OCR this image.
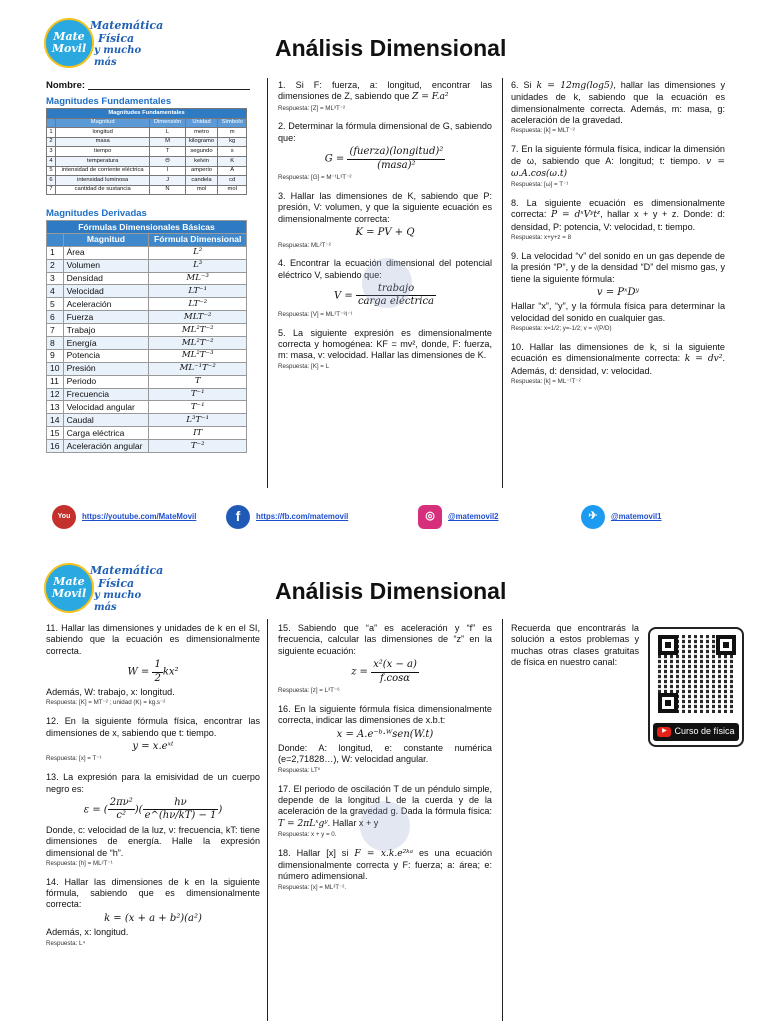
Mate
Movil
Matemática
Física
y mucho más
Análisis Dimensional
Nombre:
Magnitudes Fundamentales
Magnitudes Fundamentales				
	Magnitud	Dimensión	Unidad	Símbolo
1	longitud	L	metro	m
2	masa	M	kilogramo	kg
3	tiempo	T	segundo	s
4	temperatura	Θ	kelvin	K
5	intensidad de corriente eléctrica	I	amperio	A
6	intensidad luminosa	J	candela	cd
7	cantidad de sustancia	N	mol	mol
Magnitudes Derivadas
Fórmulas Dimensionales Básicas		
	Magnitud	Fórmula Dimensional
1	Área	L²
2	Volumen	L³
3	Densidad	ML⁻³
4	Velocidad	LT⁻¹
5	Aceleración	LT⁻²
6	Fuerza	MLT⁻²
7	Trabajo	ML²T⁻²
8	Energía	ML²T⁻²
9	Potencia	ML²T⁻³
10	Presión	ML⁻¹T⁻²
11	Periodo	T
12	Frecuencia	T⁻¹
13	Velocidad angular	T⁻¹
14	Caudal	L³T⁻¹
15	Carga eléctrica	IT
16	Aceleración angular	T⁻²
1. Si F: fuerza, a: longitud, encontrar las dimensiones de Z, sabiendo que Z = F.a²
Respuesta: [Z] = ML³T⁻²
2. Determinar la fórmula dimensional de G, sabiendo que:
$G = \frac{\text{(fuerza)(longitud)²}}{\text{(masa)²}}$
Respuesta: [G] = M⁻¹L³T⁻²
3. Hallar las dimensiones de K, sabiendo que P: presión, V: volumen, y que la siguiente ecuación es dimensionalmente correcta:
K = PV + Q
Respuesta: ML²T⁻²
4. Encontrar la ecuación dimensional del potencial eléctrico V, sabiendo que:
$V = \frac{\text{trabajo}}{\text{carga eléctrica}}$
Respuesta: [V] = ML²T⁻³I⁻¹
5. La siguiente expresión es dimensionalmente correcta y homogénea: KF = mv², donde, F: fuerza, m: masa, v: velocidad. Hallar las dimensiones de K.
Respuesta: [K] = L
6. Si k = 12mg(log5), hallar las dimensiones y unidades de k, sabiendo que la ecuación es dimensionalmente correcta. Además, m: masa, g: aceleración de la gravedad.
Respuesta: [k] = MLT⁻²
7. En la siguiente fórmula física, indicar la dimensión de ω, sabiendo que A: longitud; t: tiempo. v = ω.A.cos(ω.t)
Respuesta: [ω] = T⁻¹
8. La siguiente ecuación es dimensionalmente correcta: P = dˣVʸtᶻ, hallar x + y + z. Donde: d: densidad, P: potencia, V: velocidad, t: tiempo.
Respuesta: x+y+z = 8
9. La velocidad “v” del sonido en un gas depende de la presión “P”, y de la densidad “D” del mismo gas, y tiene la siguiente fórmula:
v = PˣDʸ
Hallar “x”, “y”, y la fórmula física para determinar la velocidad del sonido en cualquier gas.
Respuesta: x=1/2; y=-1/2; v = √(P/D)
10. Hallar las dimensiones de k, si la siguiente ecuación es dimensionalmente correcta: k = dv². Además, d: densidad, v: velocidad.
Respuesta: [k] = ML⁻¹T⁻²
You	https://youtube.com/MateMovil	f	https://fb.com/matemovil	◎	@matemovil2	✈	@matemovil1
Mate
Movil
Matemática
Física
y mucho más
Análisis Dimensional
11. Hallar las dimensiones y unidades de k en el SI, sabiendo que la ecuación es dimensionalmente correcta.
$W = \frac{1}{2} kx^2$
Además, W: trabajo, x: longitud.
Respuesta: [K] = MT⁻² ; unidad (K) = kg.s⁻²
12. En la siguiente fórmula física, encontrar las dimensiones de x, sabiendo que t: tiempo.
y = x.eˣᵗ
Respuesta: [x] = T⁻¹
13. La expresión para la emisividad de un cuerpo negro es:
ε = ( $\frac{\text{2πν²}}{\text{c²}}$ )( $\frac{h\nu}{e\^{}(h\nu/kT) - 1}$ )
Donde, c: velocidad de la luz, ν: frecuencia, kT: tiene dimensiones de energía. Halle la expresión dimensional de “h”.
Respuesta: [h] = ML²T⁻¹
14. Hallar las dimensiones de k en la siguiente fórmula, sabiendo que es dimensionalmente correcta:
k = (x + a + b²)(a²)
Además, x: longitud.
Respuesta: L⁴
15. Sabiendo que “a” es aceleración y “f” es frecuencia, calcular las dimensiones de “z” en la siguiente ecuación:
$z = \frac{\text{x²(x − a)}}{f.\cos\alpha}$
Respuesta: [z] = L³T⁻⁶
16. En la siguiente fórmula física dimensionalmente correcta, indicar las dimensiones de x.b.t:
x = A.e⁻ᵇ·ᵂsen(W.t)
Donde: A: longitud, e: constante numérica (e=2,71828…), W: velocidad angular.
Respuesta: LT⁰
17. El periodo de oscilación T de un péndulo simple, depende de la longitud L de la cuerda y de la aceleración de la gravedad g. Dada la fórmula física: T = 2πLˣgʸ. Hallar x + y
Respuesta: x + y = 0.
18. Hallar [x] si F = x.k.e²ᵏᵃ es una ecuación dimensionalmente correcta y F: fuerza; a: área; e: número adimensional.
Respuesta: [x] = ML³T⁻².
Recuerda que encontrarás la solución a estos problemas y muchas otras clases gratuitas de física en nuestro canal:
▶ Curso de física
